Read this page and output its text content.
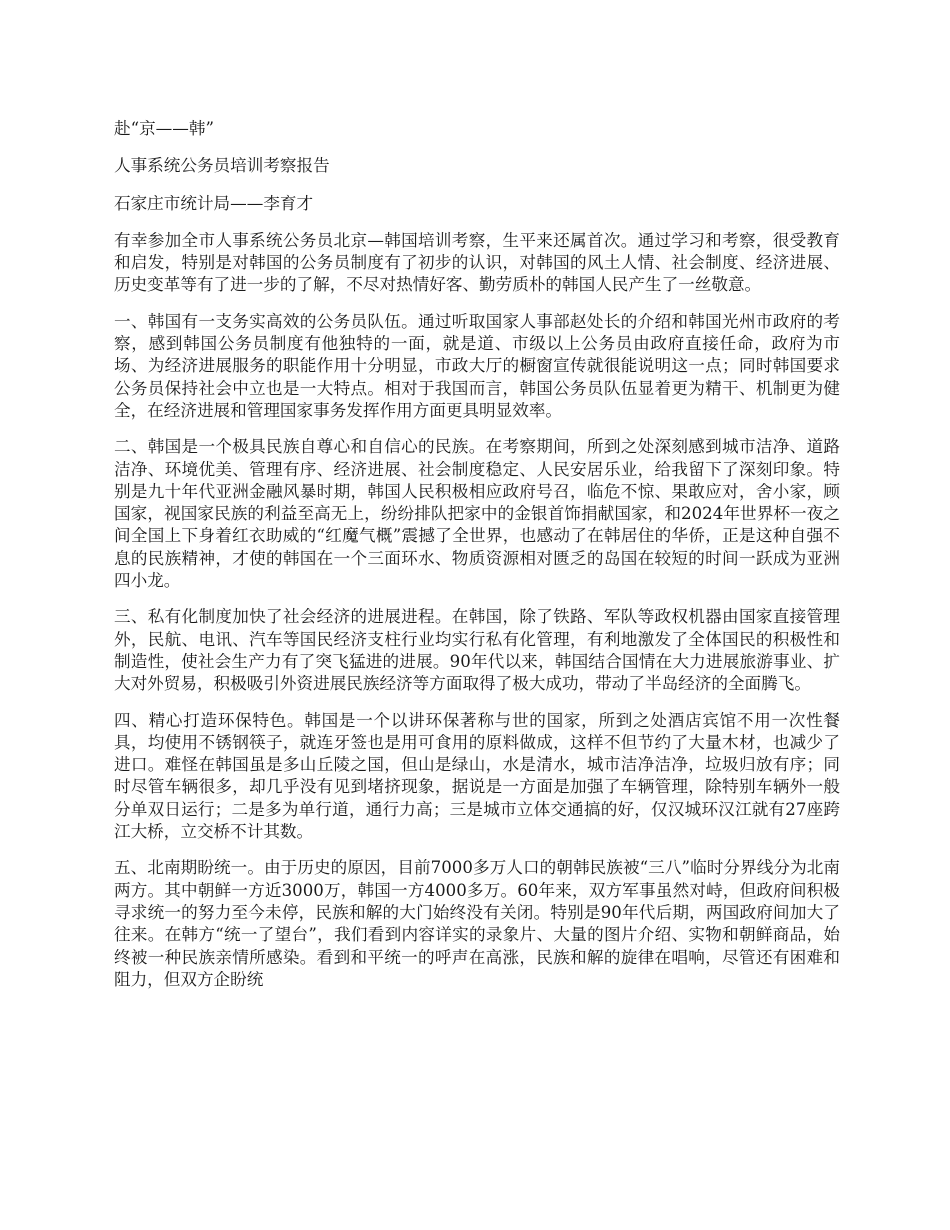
赴“京——韩”

人事系统公务员培训考察报告

石家庄市统计局——李育才

有幸参加全市人事系统公务员北京—韩国培训考察，生平来还属首次。通过学习和考察，很受教育和启发，特别是对韩国的公务员制度有了初步的认识，对韩国的风土人情、社会制度、经济进展、历史变革等有了进一步的了解，不尽对热情好客、勤劳质朴的韩国人民产生了一丝敬意。

一、韩国有一支务实高效的公务员队伍。通过听取国家人事部赵处长的介绍和韩国光州市政府的考察，感到韩国公务员制度有他独特的一面，就是道、市级以上公务员由政府直接任命，政府为市场、为经济进展服务的职能作用十分明显，市政大厅的橱窗宣传就很能说明这一点；同时韩国要求公务员保持社会中立也是一大特点。相对于我国而言，韩国公务员队伍显着更为精干、机制更为健全，在经济进展和管理国家事务发挥作用方面更具明显效率。

二、韩国是一个极具民族自尊心和自信心的民族。在考察期间，所到之处深刻感到城市洁净、道路洁净、环境优美、管理有序、经济进展、社会制度稳定、人民安居乐业，给我留下了深刻印象。特别是九十年代亚洲金融风暴时期，韩国人民积极相应政府号召，临危不惊、果敢应对，舍小家，顾国家，视国家民族的利益至高无上，纷纷排队把家中的金银首饰捐献国家，和2024年世界杯一夜之间全国上下身着红衣助威的“红魔气概”震撼了全世界，也感动了在韩居住的华侨，正是这种自强不息的民族精神，才使的韩国在一个三面环水、物质资源相对匮乏的岛国在较短的时间一跃成为亚洲四小龙。

三、私有化制度加快了社会经济的进展进程。在韩国，除了铁路、军队等政权机器由国家直接管理外，民航、电讯、汽车等国民经济支柱行业均实行私有化管理，有利地激发了全体国民的积极性和制造性，使社会生产力有了突飞猛进的进展。90年代以来，韩国结合国情在大力进展旅游事业、扩大对外贸易，积极吸引外资进展民族经济等方面取得了极大成功，带动了半岛经济的全面腾飞。

四、精心打造环保特色。韩国是一个以讲环保著称与世的国家，所到之处酒店宾馆不用一次性餐具，均使用不锈钢筷子，就连牙签也是用可食用的原料做成，这样不但节约了大量木材，也减少了进口。难怪在韩国虽是多山丘陵之国，但山是绿山，水是清水，城市洁净洁净，垃圾归放有序；同时尽管车辆很多，却几乎没有见到堵挤现象，据说是一方面是加强了车辆管理，除特别车辆外一般分单双日运行；二是多为单行道，通行力高；三是城市立体交通搞的好，仅汉城环汉江就有27座跨江大桥，立交桥不计其数。

五、北南期盼统一。由于历史的原因，目前7000多万人口的朝韩民族被“三八”临时分界线分为北南两方。其中朝鲜一方近3000万，韩国一方4000多万。60年来，双方军事虽然对峙，但政府间积极寻求统一的努力至今未停，民族和解的大门始终没有关闭。特别是90年代后期，两国政府间加大了往来。在韩方“统一了望台”，我们看到内容详实的录象片、大量的图片介绍、实物和朝鲜商品，始终被一种民族亲情所感染。看到和平统一的呼声在高涨，民族和解的旋律在唱响，尽管还有困难和阻力，但双方企盼统
